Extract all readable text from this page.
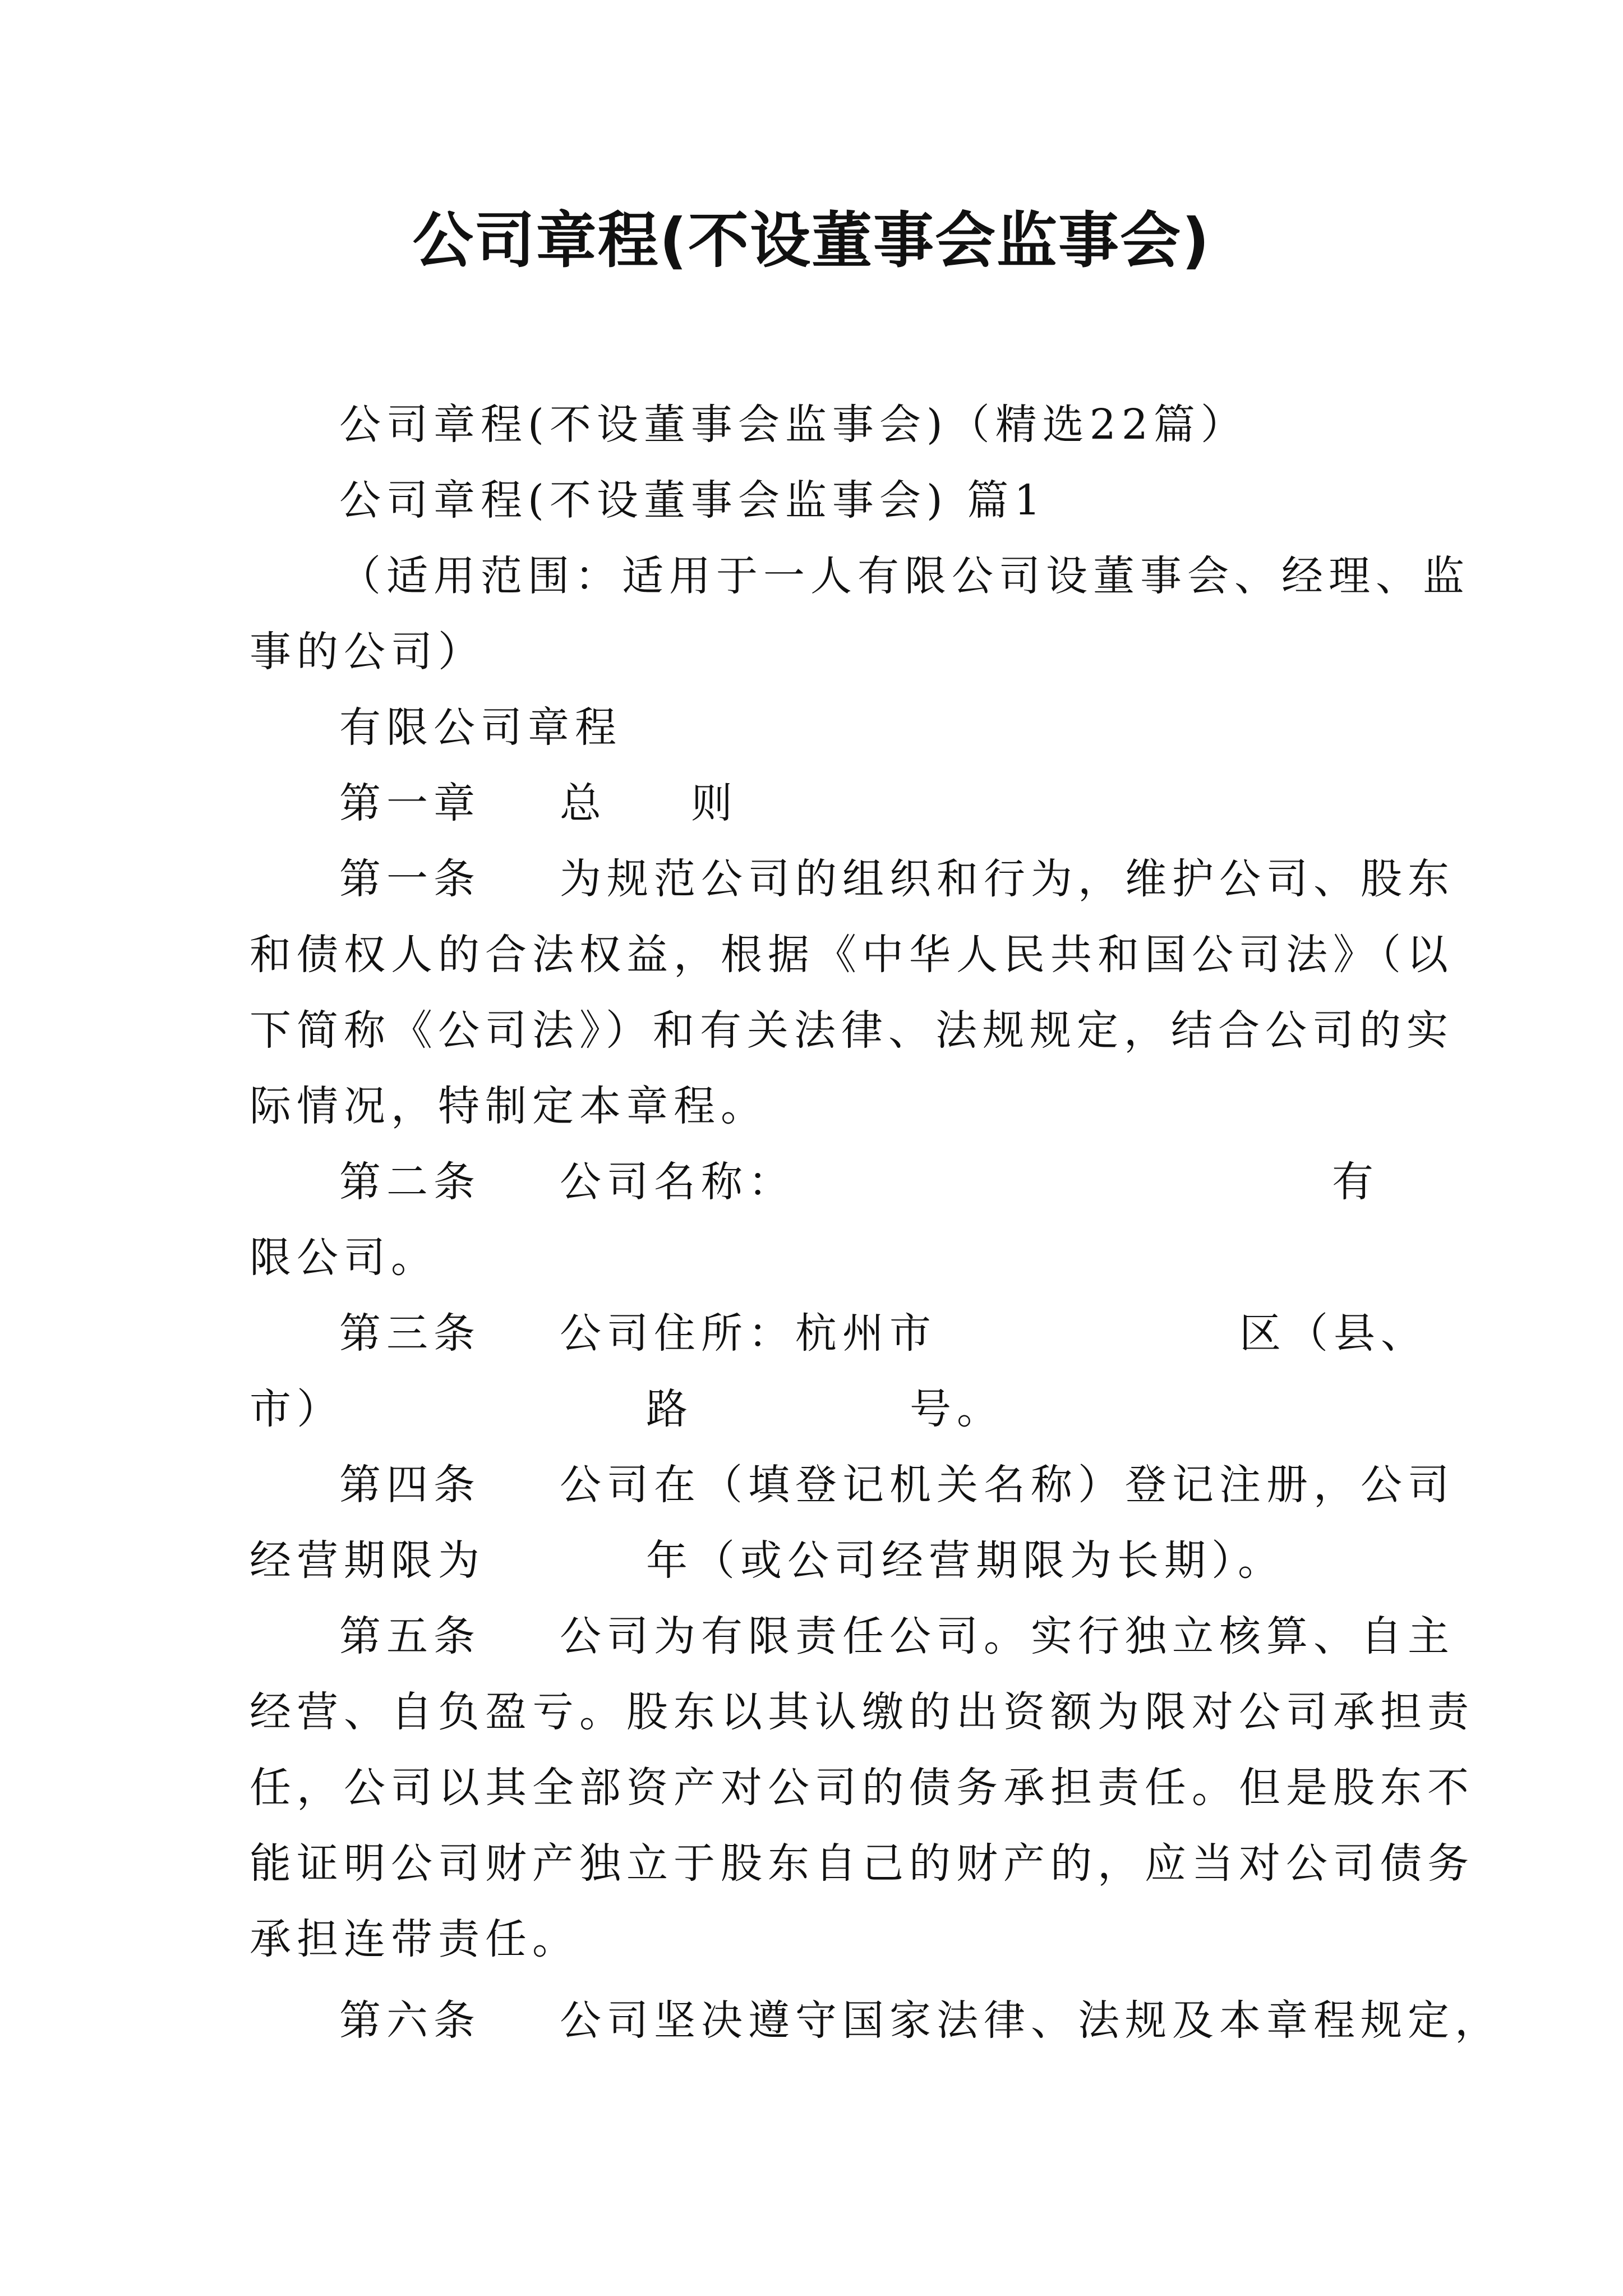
公司章程(不设董事会监事会)
公司章程(不设董事会监事会)（精选22篇）
公司章程(不设董事会监事会) 篇1
（适用范围：适用于一人有限公司设董事会、经理、监
事的公司）
有限公司章程
第一章 总 则
第一条 为规范公司的组织和行为，维护公司、股东
和债权人的合法权益，根据《中华人民共和国公司法》（以
下简称《公司法》）和有关法律、法规规定，结合公司的实
际情况，特制定本章程。
第二条 公司名称：	有
限公司。
第三条 公司住所：杭州市	区（县、
市）	路	号。
第四条 公司在（填登记机关名称）登记注册，公司
经营期限为	年（或公司经营期限为长期）。
第五条 公司为有限责任公司。实行独立核算、自主
经营、自负盈亏。股东以其认缴的出资额为限对公司承担责
任，公司以其全部资产对公司的债务承担责任。但是股东不
能证明公司财产独立于股东自己的财产的，应当对公司债务
承担连带责任。
第六条 公司坚决遵守国家法律、法规及本章程规定，
